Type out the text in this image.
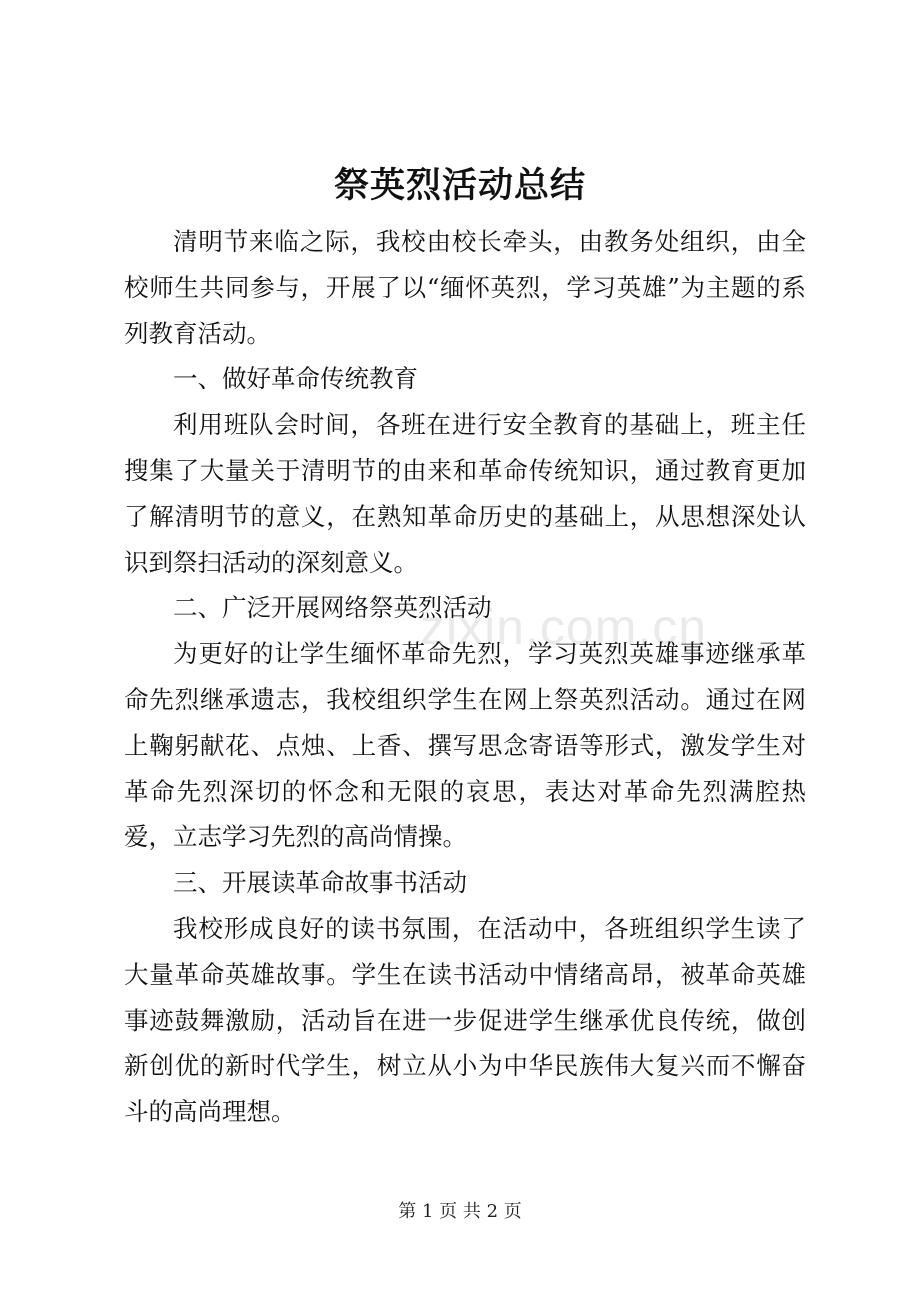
zixin.com.cn
祭英烈活动总结

清明节来临之际，我校由校长牵头，由教务处组织，由全校师生共同参与，开展了以“缅怀英烈，学习英雄”为主题的系列教育活动。

一、做好革命传统教育

利用班队会时间，各班在进行安全教育的基础上，班主任搜集了大量关于清明节的由来和革命传统知识，通过教育更加了解清明节的意义，在熟知革命历史的基础上，从思想深处认识到祭扫活动的深刻意义。

二、广泛开展网络祭英烈活动

为更好的让学生缅怀革命先烈，学习英烈英雄事迹继承革命先烈继承遗志，我校组织学生在网上祭英烈活动。通过在网上鞠躬献花、点烛、上香、撰写思念寄语等形式，激发学生对革命先烈深切的怀念和无限的哀思，表达对革命先烈满腔热爱，立志学习先烈的高尚情操。

三、开展读革命故事书活动

我校形成良好的读书氛围，在活动中，各班组织学生读了大量革命英雄故事。学生在读书活动中情绪高昂，被革命英雄事迹鼓舞激励，活动旨在进一步促进学生继承优良传统，做创新创优的新时代学生，树立从小为中华民族伟大复兴而不懈奋斗的高尚理想。

第 1 页 共 2 页
